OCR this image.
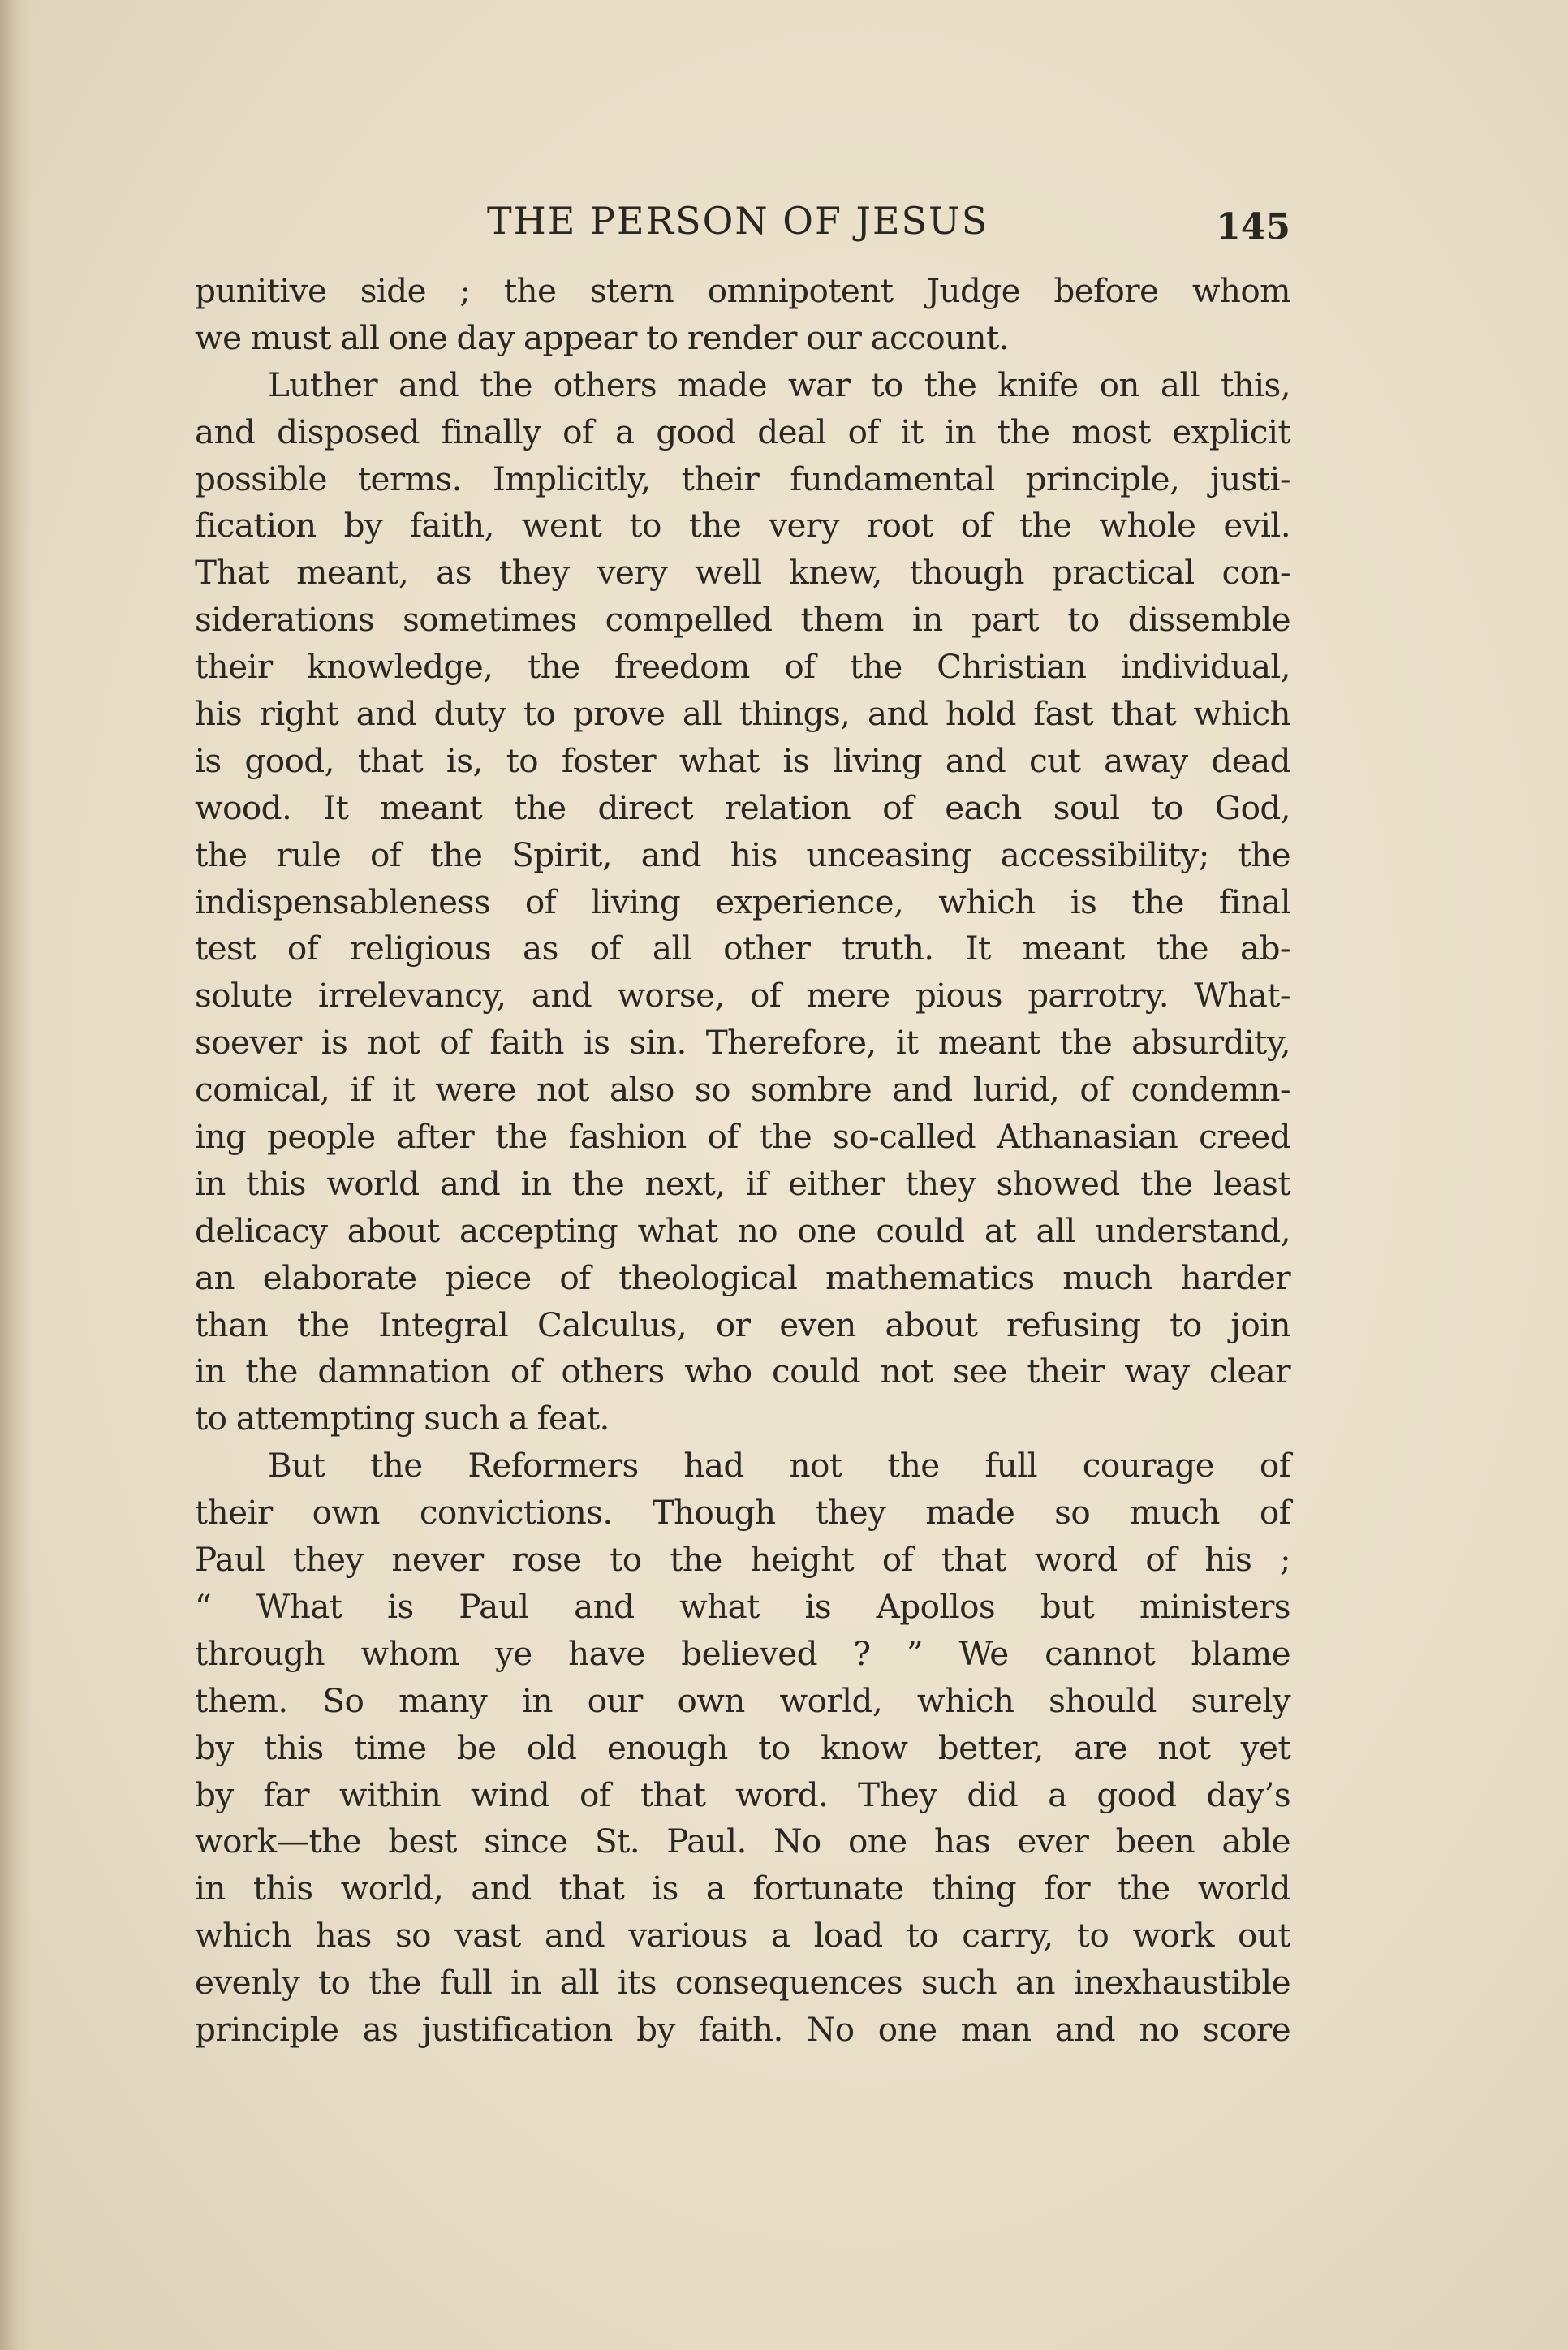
THE PERSON OF JESUS	145
punitive side ; the stern omnipotent Judge before whom
we must all one day appear to render our account.
Luther and the others made war to the knife on all this,
and disposed finally of a good deal of it in the most explicit
possible terms. Implicitly, their fundamental principle, justi-
fication by faith, went to the very root of the whole evil.
That meant, as they very well knew, though practical con-
siderations sometimes compelled them in part to dissemble
their knowledge, the freedom of the Christian individual,
his right and duty to prove all things, and hold fast that which
is good, that is, to foster what is living and cut away dead
wood. It meant the direct relation of each soul to God,
the rule of the Spirit, and his unceasing accessibility; the
indispensableness of living experience, which is the final
test of religious as of all other truth. It meant the ab-
solute irrelevancy, and worse, of mere pious parrotry. What-
soever is not of faith is sin. Therefore, it meant the absurdity,
comical, if it were not also so sombre and lurid, of condemn-
ing people after the fashion of the so-called Athanasian creed
in this world and in the next, if either they showed the least
delicacy about accepting what no one could at all understand,
an elaborate piece of theological mathematics much harder
than the Integral Calculus, or even about refusing to join
in the damnation of others who could not see their way clear
to attempting such a feat.
But the Reformers had not the full courage of
their own convictions. Though they made so much of
Paul they never rose to the height of that word of his ;
“ What is Paul and what is Apollos but ministers
through whom ye have believed ? ” We cannot blame
them. So many in our own world, which should surely
by this time be old enough to know better, are not yet
by far within wind of that word. They did a good day’s
work—the best since St. Paul. No one has ever been able
in this world, and that is a fortunate thing for the world
which has so vast and various a load to carry, to work out
evenly to the full in all its consequences such an inexhaustible
principle as justification by faith. No one man and no score
